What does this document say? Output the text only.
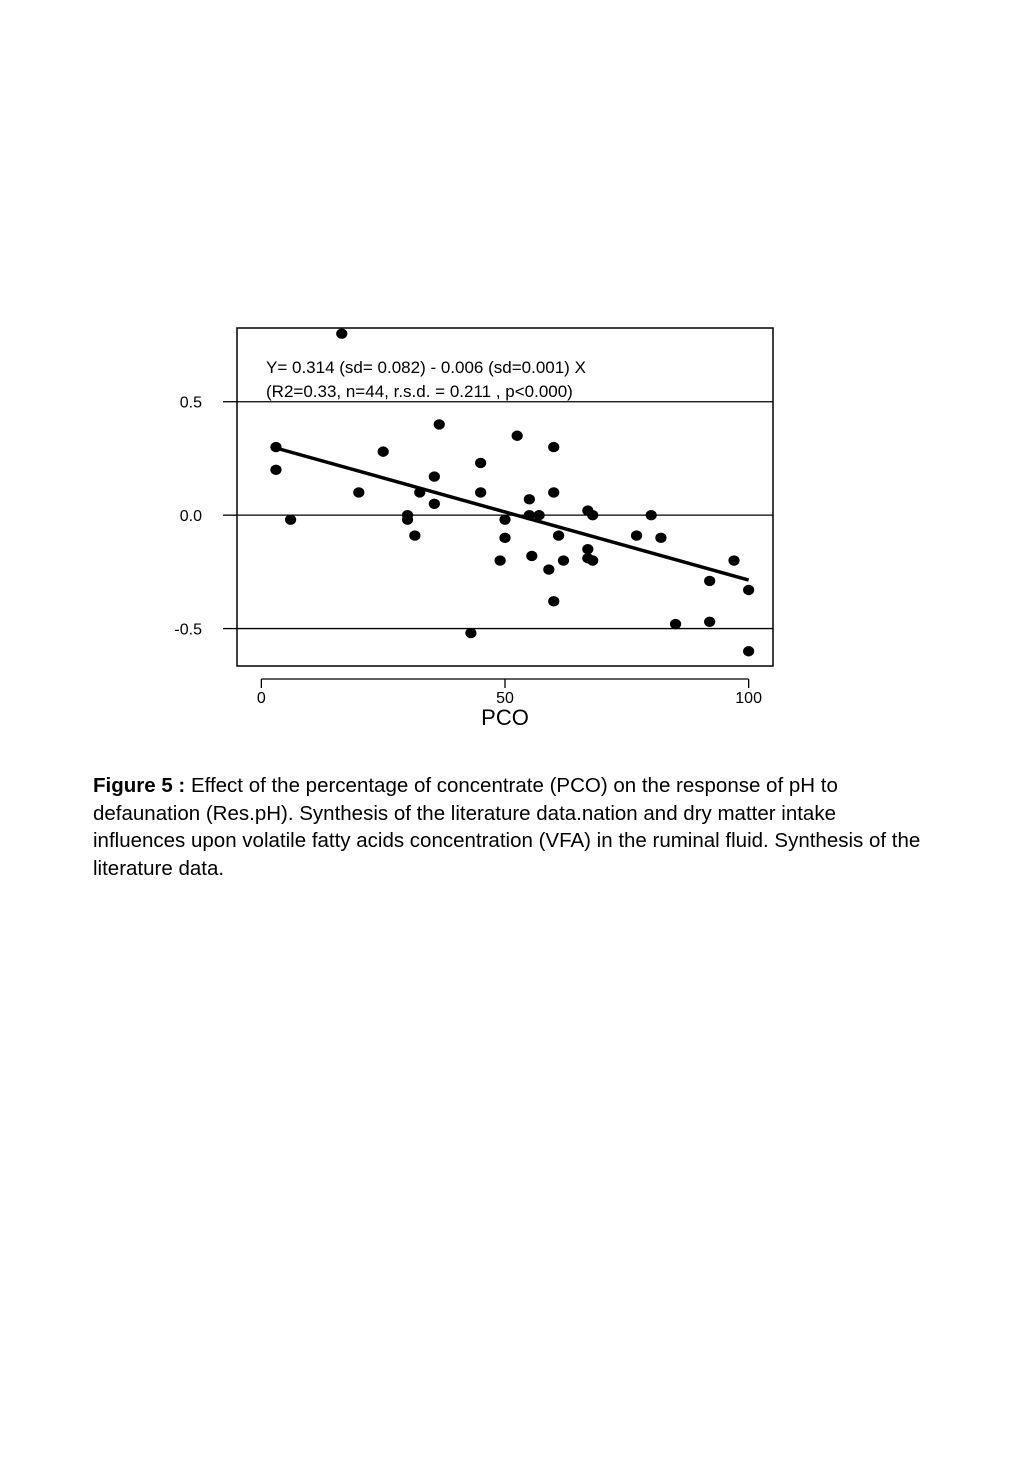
0.5
0.0
-0.5
0	50	100
PCO
Y= 0.314 (sd= 0.082) - 0.006 (sd=0.001) X
(R2=0.33, n=44, r.s.d. = 0.211 , p<0.000)

Figure 5 : Effect of the percentage of concentrate (PCO) on the response of pH to defaunation (Res.pH). Synthesis of the literature data.nation and dry matter intake influences upon volatile fatty acids concentration (VFA) in the ruminal fluid. Synthesis of the literature data.
